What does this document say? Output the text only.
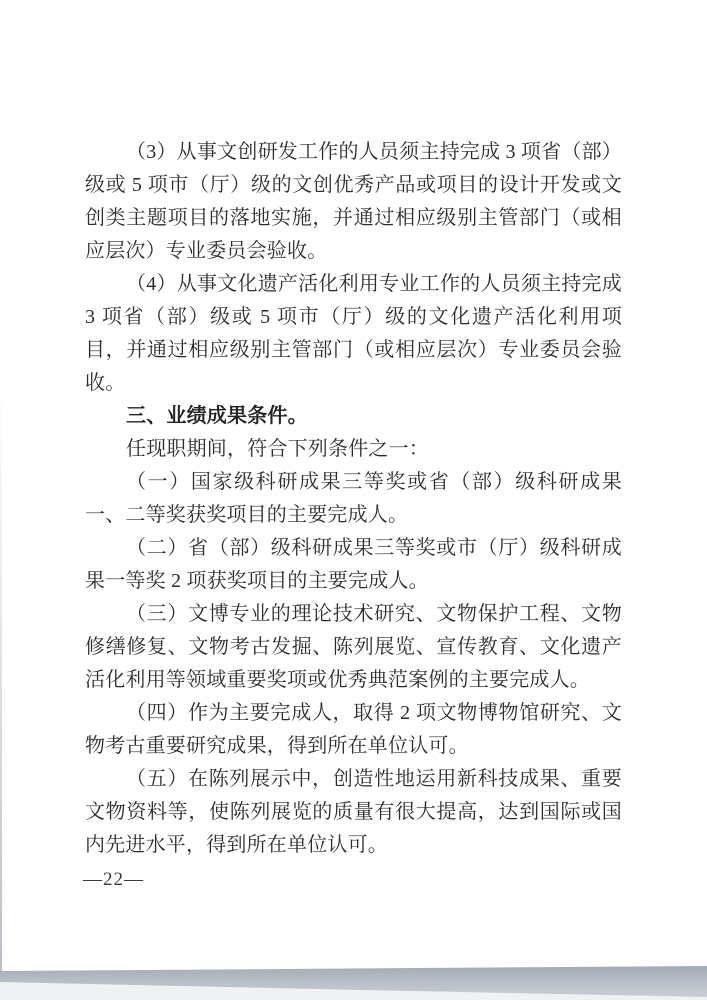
（3）从事文创研发工作的人员须主持完成 3 项省（部）级或 5 项市（厅）级的文创优秀产品或项目的设计开发或文创类主题项目的落地实施，并通过相应级别主管部门（或相应层次）专业委员会验收。

（4）从事文化遗产活化利用专业工作的人员须主持完成 3 项省（部）级或 5 项市（厅）级的文化遗产活化利用项目，并通过相应级别主管部门（或相应层次）专业委员会验收。

三、业绩成果条件。

任现职期间，符合下列条件之一：

（一）国家级科研成果三等奖或省（部）级科研成果一、二等奖获奖项目的主要完成人。

（二）省（部）级科研成果三等奖或市（厅）级科研成果一等奖 2 项获奖项目的主要完成人。

（三）文博专业的理论技术研究、文物保护工程、文物修缮修复、文物考古发掘、陈列展览、宣传教育、文化遗产活化利用等领域重要奖项或优秀典范案例的主要完成人。

（四）作为主要完成人，取得 2 项文物博物馆研究、文物考古重要研究成果，得到所在单位认可。

（五）在陈列展示中，创造性地运用新科技成果、重要文物资料等，使陈列展览的质量有很大提高，达到国际或国内先进水平，得到所在单位认可。

—22—
